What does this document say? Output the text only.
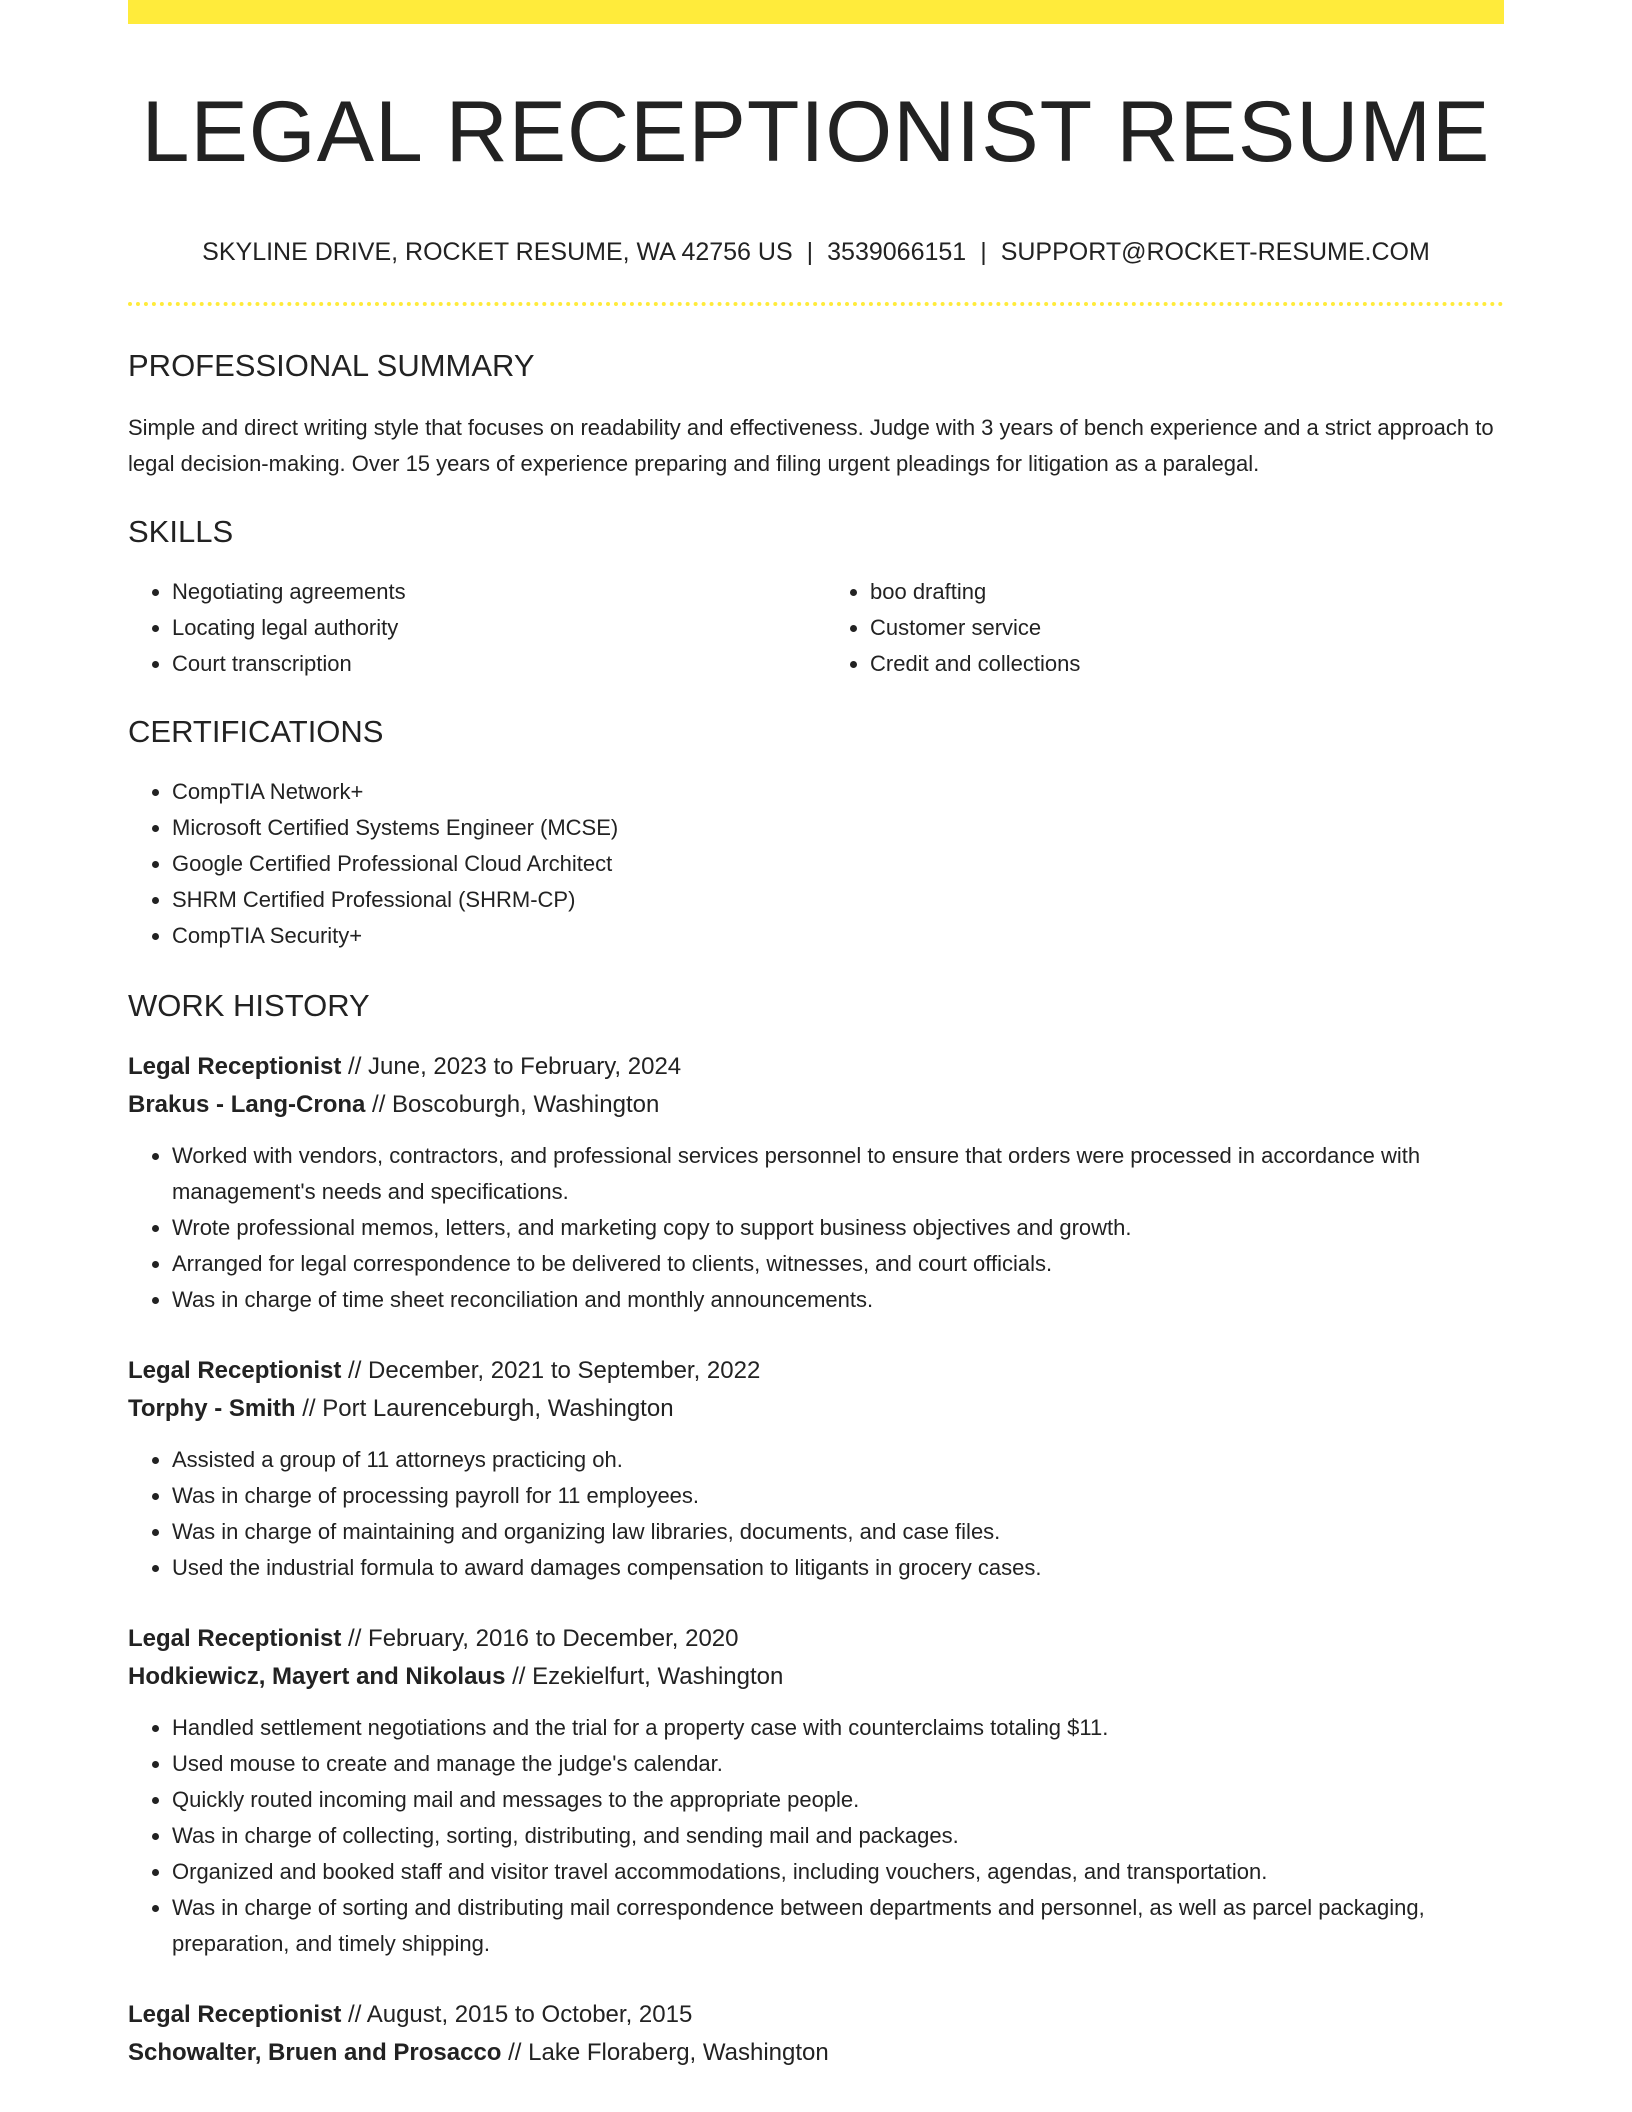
LEGAL RECEPTIONIST RESUME
SKYLINE DRIVE, ROCKET RESUME, WA 42756 US | 3539066151 | SUPPORT@ROCKET-RESUME.COM
PROFESSIONAL SUMMARY

Simple and direct writing style that focuses on readability and effectiveness. Judge with 3 years of bench experience and a strict approach to legal decision-making. Over 15 years of experience preparing and filing urgent pleadings for litigation as a paralegal.

SKILLS
• Negotiating agreements
• Locating legal authority
• Court transcription
• boo drafting
• Customer service
• Credit and collections
CERTIFICATIONS
• CompTIA Network+
• Microsoft Certified Systems Engineer (MCSE)
• Google Certified Professional Cloud Architect
• SHRM Certified Professional (SHRM-CP)
• CompTIA Security+
WORK HISTORY
Legal Receptionist // June, 2023 to February, 2024
Brakus - Lang-Crona // Boscoburgh, Washington
• Worked with vendors, contractors, and professional services personnel to ensure that orders were processed in accordance with management's needs and specifications.
• Wrote professional memos, letters, and marketing copy to support business objectives and growth.
• Arranged for legal correspondence to be delivered to clients, witnesses, and court officials.
• Was in charge of time sheet reconciliation and monthly announcements.
Legal Receptionist // December, 2021 to September, 2022
Torphy - Smith // Port Laurenceburgh, Washington
• Assisted a group of 11 attorneys practicing oh.
• Was in charge of processing payroll for 11 employees.
• Was in charge of maintaining and organizing law libraries, documents, and case files.
• Used the industrial formula to award damages compensation to litigants in grocery cases.
Legal Receptionist // February, 2016 to December, 2020
Hodkiewicz, Mayert and Nikolaus // Ezekielfurt, Washington
• Handled settlement negotiations and the trial for a property case with counterclaims totaling $11.
• Used mouse to create and manage the judge's calendar.
• Quickly routed incoming mail and messages to the appropriate people.
• Was in charge of collecting, sorting, distributing, and sending mail and packages.
• Organized and booked staff and visitor travel accommodations, including vouchers, agendas, and transportation.
• Was in charge of sorting and distributing mail correspondence between departments and personnel, as well as parcel packaging, preparation, and timely shipping.
Legal Receptionist // August, 2015 to October, 2015
Schowalter, Bruen and Prosacco // Lake Floraberg, Washington
